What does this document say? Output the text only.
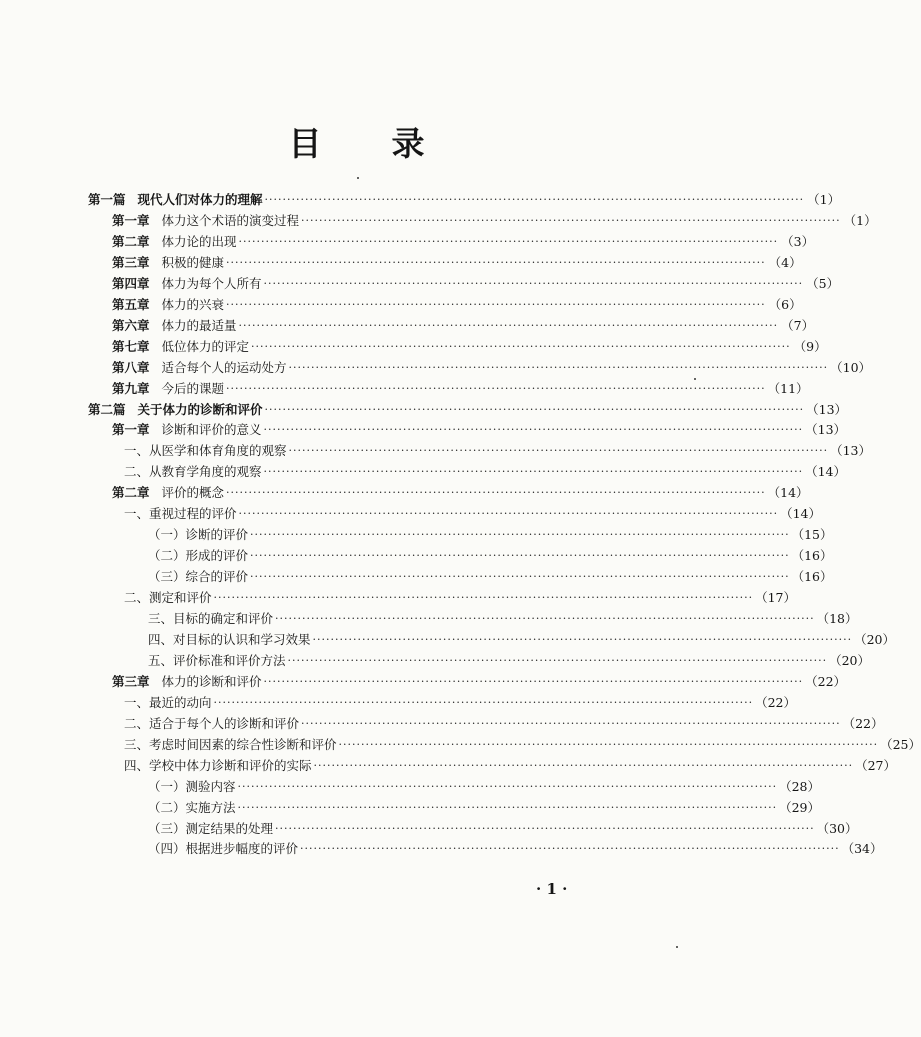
目 录
第一篇 现代人们对体力的理解 ························································································································ （1）
第一章 体力这个术语的演变过程 ························································································································ （1）
第二章 体力论的出现 ························································································································ （3）
第三章 积极的健康 ························································································································ （4）
第四章 体力为每个人所有 ························································································································ （5）
第五章 体力的兴衰 ························································································································ （6）
第六章 体力的最适量 ························································································································ （7）
第七章 低位体力的评定 ························································································································ （9）
第八章 适合每个人的运动处方 ························································································································ （10）
第九章 今后的课题 ························································································································ （11）
第二篇 关于体力的诊断和评价 ························································································································ （13）
第一章 诊断和评价的意义 ························································································································ （13）
一、从医学和体育角度的观察 ························································································································ （13）
二、从教育学角度的观察 ························································································································ （14）
第二章 评价的概念 ························································································································ （14）
一、重视过程的评价 ························································································································ （14）
（一）诊断的评价 ························································································································ （15）
（二）形成的评价 ························································································································ （16）
（三）综合的评价 ························································································································ （16）
二、测定和评价 ························································································································ （17）
三、目标的确定和评价 ························································································································ （18）
四、对目标的认识和学习效果 ························································································································ （20）
五、评价标准和评价方法 ························································································································ （20）
第三章 体力的诊断和评价 ························································································································ （22）
一、最近的动向 ························································································································ （22）
二、适合于每个人的诊断和评价 ························································································································ （22）
三、考虑时间因素的综合性诊断和评价 ························································································································ （25）
四、学校中体力诊断和评价的实际 ························································································································ （27）
（一）测验内容 ························································································································ （28）
（二）实施方法 ························································································································ （29）
（三）测定结果的处理 ························································································································ （30）
（四）根据进步幅度的评价 ························································································································ （34）
· 1 ·
